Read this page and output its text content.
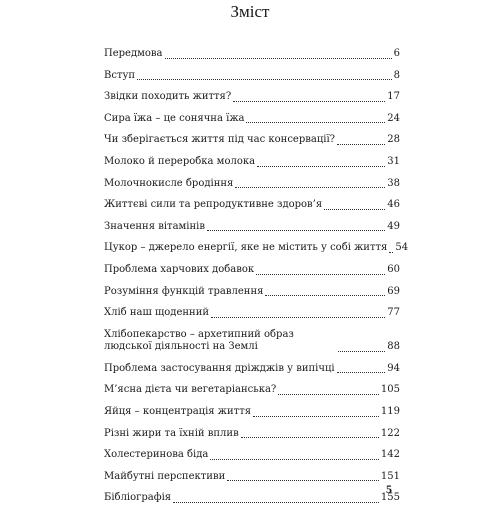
Зміст
Передмова	6
Вступ	8
Звідки походить життя?	17
Сира їжа – це сонячна їжа	24
Чи зберігається життя під час консервації?	28
Молоко й переробка молока	31
Молочнокисле бродіння	38
Життєві сили та репродуктивне здоров’я	46
Значення вітамінів	49
Цукор – джерело енергії, яке не містить у собі життя 54
Проблема харчових добавок	60
Розуміння функцій травлення	69
Хліб наш щоденний	77
Хлібопекарство – архетипний образ людської діяльності на Землі	88
Проблема застосування дріжджів у випічці	94
М’ясна дієта чи вегетаріанська?	105
Яйця – концентрація життя	119
Різні жири та їхній вплив	122
Холестеринова біда	142
Майбутні перспективи	151
Бібліографія	155
5
